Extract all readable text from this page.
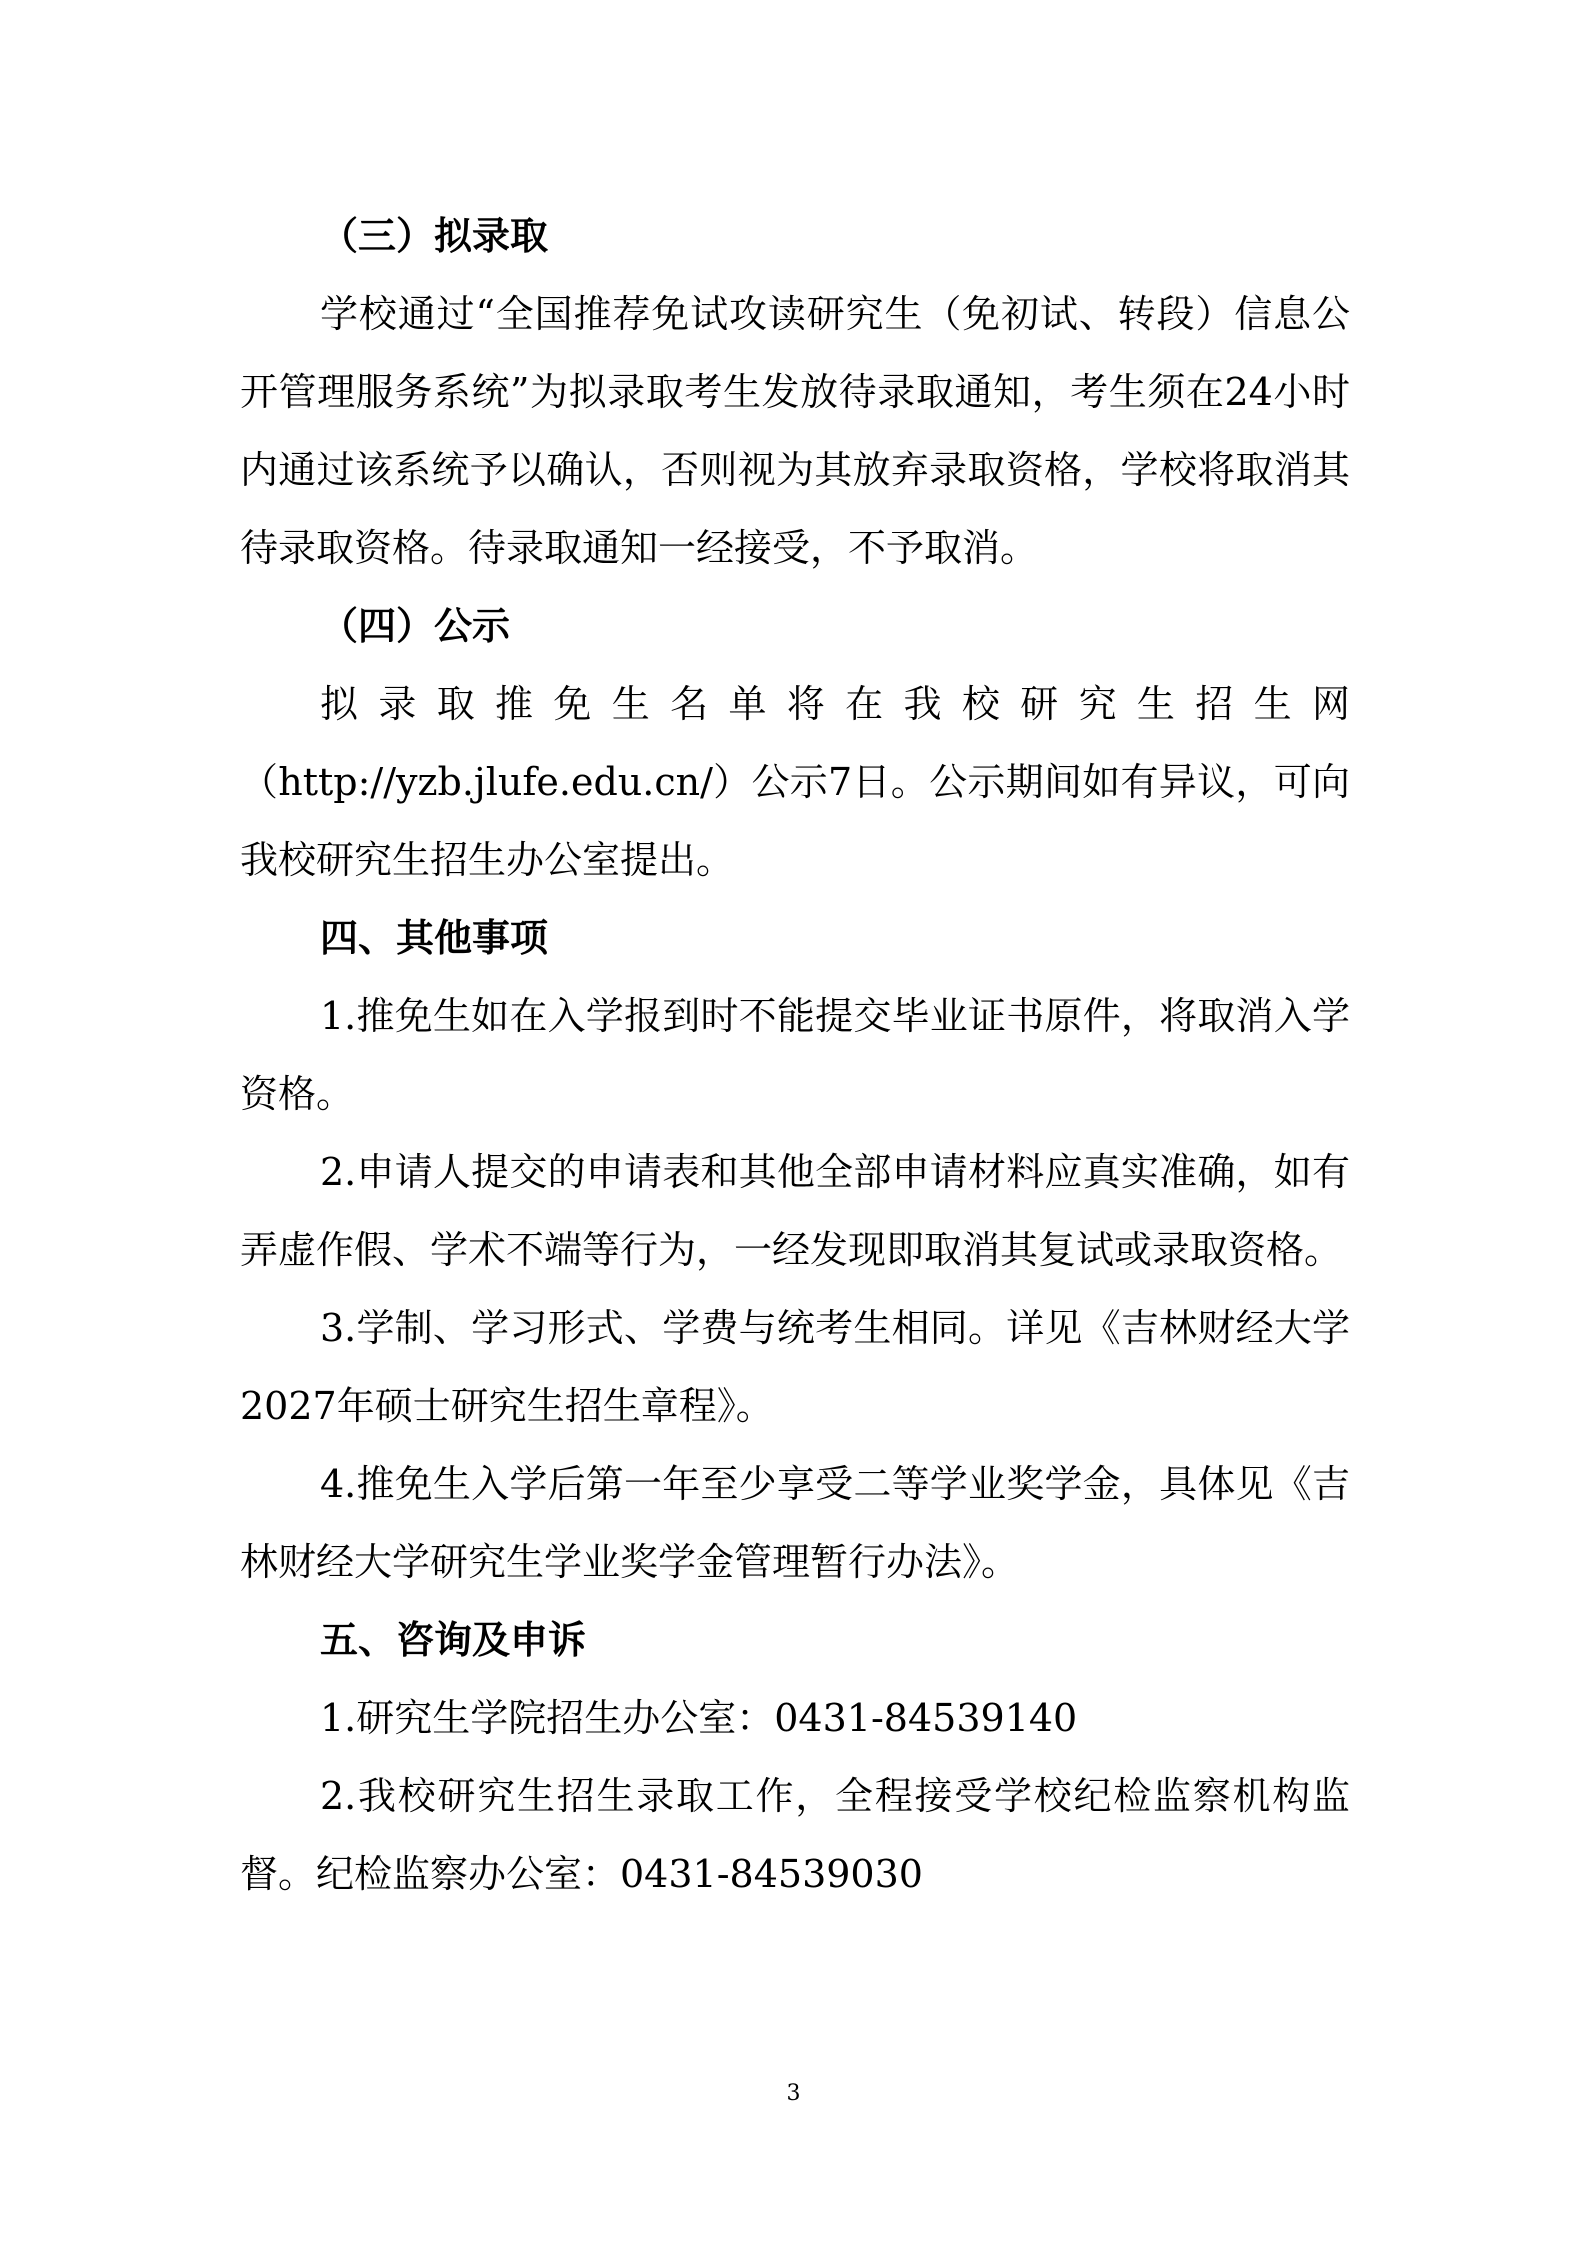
（三）拟录取

学校通过“全国推荐免试攻读研究生（免初试、转段）信息公开管理服务系统”为拟录取考生发放待录取通知，考生须在24小时内通过该系统予以确认，否则视为其放弃录取资格，学校将取消其待录取资格。待录取通知一经接受，不予取消。

（四）公示

拟录取推免生名单将在我校研究生招生网

（http://yzb.jlufe.edu.cn/）公示7日。公示期间如有异议，可向我校研究生招生办公室提出。

四、其他事项

1.推免生如在入学报到时不能提交毕业证书原件，将取消入学资格。

2.申请人提交的申请表和其他全部申请材料应真实准确，如有弄虚作假、学术不端等行为，一经发现即取消其复试或录取资格。

3.学制、学习形式、学费与统考生相同。详见《吉林财经大学2027年硕士研究生招生章程》。

4.推免生入学后第一年至少享受二等学业奖学金，具体见《吉林财经大学研究生学业奖学金管理暂行办法》。

五、咨询及申诉

1.研究生学院招生办公室：0431-84539140

2.我校研究生招生录取工作，全程接受学校纪检监察机构监督。纪检监察办公室：0431-84539030

3
